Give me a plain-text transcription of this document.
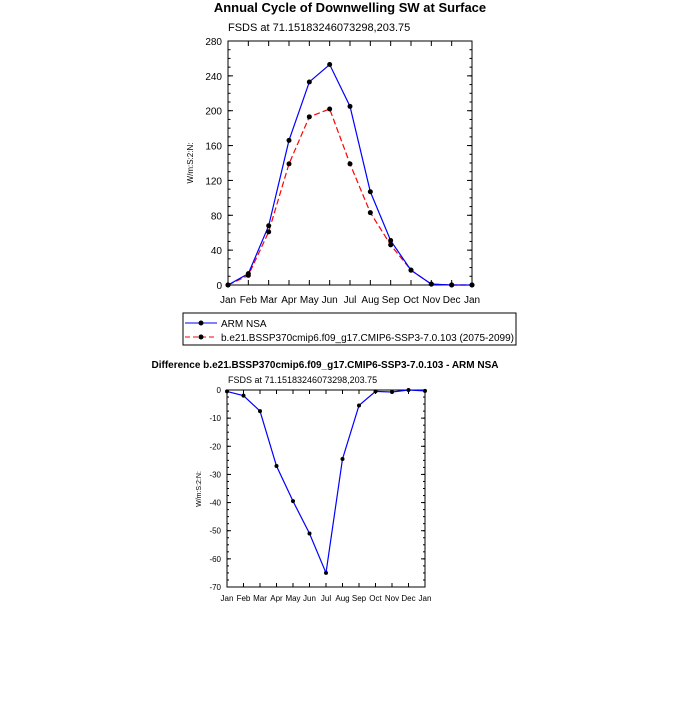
Annual Cycle of Downwelling SW at Surface
FSDS at 71.15183246073298,203.75
W/m:S:2:N:
Jan Feb Mar Apr May Jun Jul Aug Sep Oct Nov Dec Jan
0
40
80
120
160
200
240
280
ARM NSA
b.e21.BSSP370cmip6.f09_g17.CMIP6-SSP3-7.0.103 (2075-2099)
Difference b.e21.BSSP370cmip6.f09_g17.CMIP6-SSP3-7.0.103 - ARM NSA
FSDS at 71.15183246073298,203.75
W/m:S:2:N:
Jan Feb Mar Apr May Jun Jul Aug Sep Oct Nov Dec Jan
0
-10
-20
-30
-40
-50
-60
-70
